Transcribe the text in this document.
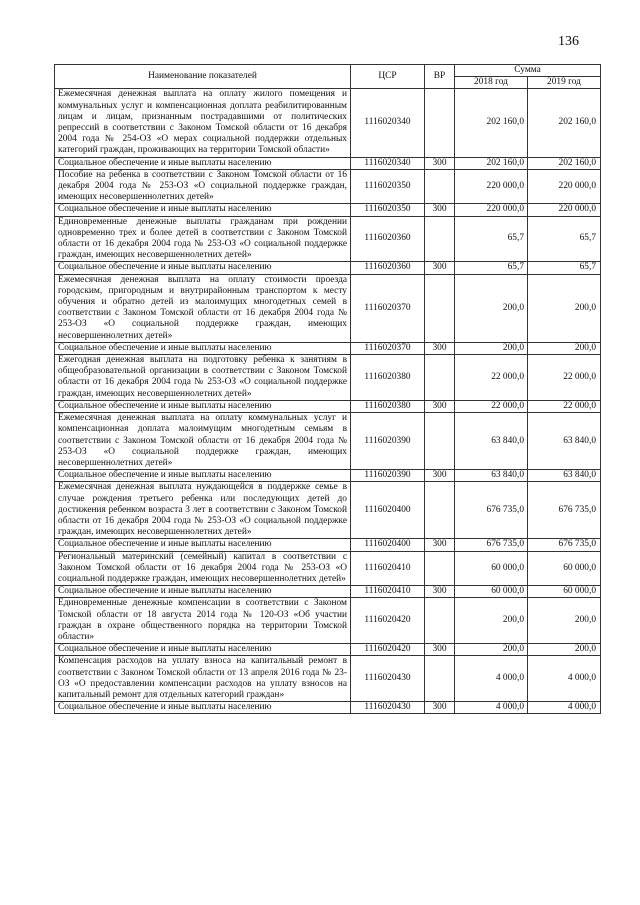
136
Наименование показателей	ЦСР	ВР	Сумма	
			2018 год	2019 год
Ежемесячная денежная выплата на оплату жилого помещения и коммунальных услуг и компенсационная доплата реабилитированным лицам и лицам, признанным пострадавшими от политических репрессий в соответствии с Законом Томской области от 16 декабря 2004 года № 254-ОЗ «О мерах социальной поддержки отдельных категорий граждан, проживающих на территории Томской области»	1116020340		202 160,0	202 160,0
Социальное обеспечение и иные выплаты населению	1116020340	300	202 160,0	202 160,0
Пособие на ребенка в соответствии с Законом Томской области от 16 декабря 2004 года № 253-ОЗ «О социальной поддержке граждан, имеющих несовершеннолетних детей»	1116020350		220 000,0	220 000,0
Социальное обеспечение и иные выплаты населению	1116020350	300	220 000,0	220 000,0
Единовременные денежные выплаты гражданам при рождении одновременно трех и более детей в соответствии с Законом Томской области от 16 декабря 2004 года № 253-ОЗ «О социальной поддержке граждан, имеющих несовершеннолетних детей»	1116020360		65,7	65,7
Социальное обеспечение и иные выплаты населению	1116020360	300	65,7	65,7
Ежемесячная денежная выплата на оплату стоимости проезда городским, пригородным и внутрирайонным транспортом к месту обучения и обратно детей из малоимущих многодетных семей в соответствии с Законом Томской области от 16 декабря 2004 года № 253-ОЗ «О социальной поддержке граждан, имеющих несовершеннолетних детей»	1116020370		200,0	200,0
Социальное обеспечение и иные выплаты населению	1116020370	300	200,0	200,0
Ежегодная денежная выплата на подготовку ребенка к занятиям в общеобразовательной организации в соответствии с Законом Томской области от 16 декабря 2004 года № 253-ОЗ «О социальной поддержке граждан, имеющих несовершеннолетних детей»	1116020380		22 000,0	22 000,0
Социальное обеспечение и иные выплаты населению	1116020380	300	22 000,0	22 000,0
Ежемесячная денежная выплата на оплату коммунальных услуг и компенсационная доплата малоимущим многодетным семьям в соответствии с Законом Томской области от 16 декабря 2004 года № 253-ОЗ «О социальной поддержке граждан, имеющих несовершеннолетних детей»	1116020390		63 840,0	63 840,0
Социальное обеспечение и иные выплаты населению	1116020390	300	63 840,0	63 840,0
Ежемесячная денежная выплата нуждающейся в поддержке семье в случае рождения третьего ребенка или последующих детей до достижения ребенком возраста 3 лет в соответствии с Законом Томской области от 16 декабря 2004 года № 253-ОЗ «О социальной поддержке граждан, имеющих несовершеннолетних детей»	1116020400		676 735,0	676 735,0
Социальное обеспечение и иные выплаты населению	1116020400	300	676 735,0	676 735,0
Региональный материнский (семейный) капитал в соответствии с Законом Томской области от 16 декабря 2004 года № 253-ОЗ «О социальной поддержке граждан, имеющих несовершеннолетних детей»	1116020410		60 000,0	60 000,0
Социальное обеспечение и иные выплаты населению	1116020410	300	60 000,0	60 000,0
Единовременные денежные компенсации в соответствии с Законом Томской области от 18 августа 2014 года № 120-ОЗ «Об участии граждан в охране общественного порядка на территории Томской области»	1116020420		200,0	200,0
Социальное обеспечение и иные выплаты населению	1116020420	300	200,0	200,0
Компенсация расходов на уплату взноса на капитальный ремонт в соответствии с Законом Томской области от 13 апреля 2016 года № 23-ОЗ «О предоставлении компенсации расходов на уплату взносов на капитальный ремонт для отдельных категорий граждан»	1116020430		4 000,0	4 000,0
Социальное обеспечение и иные выплаты населению	1116020430	300	4 000,0	4 000,0
